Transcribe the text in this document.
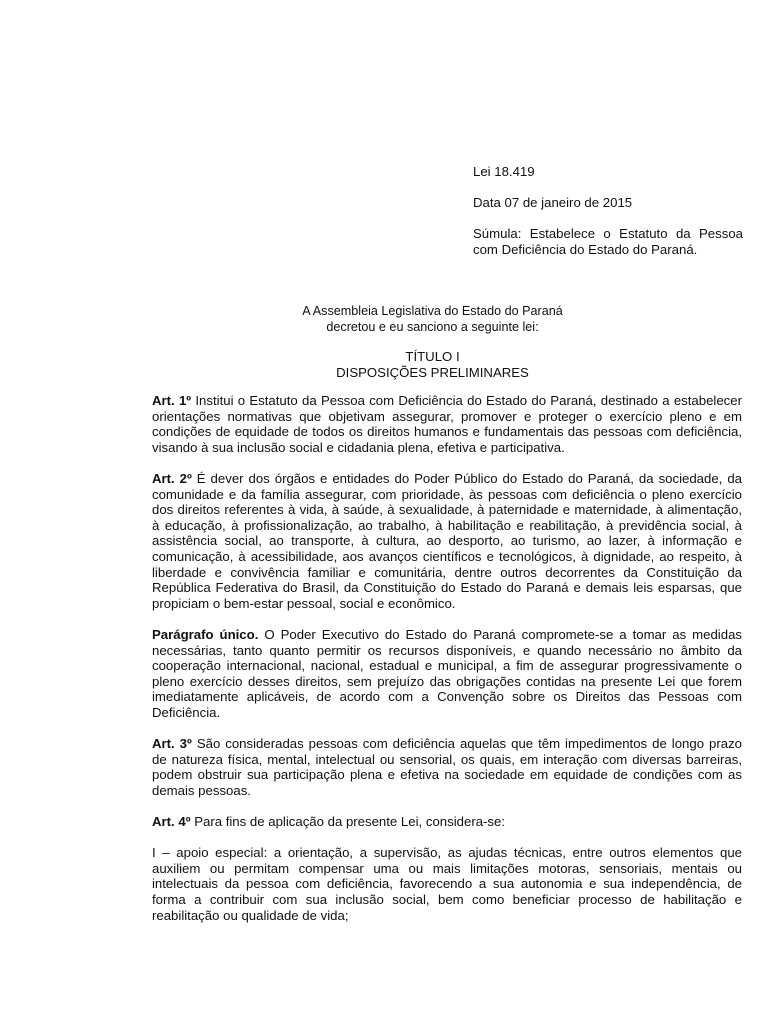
Lei 18.419

Data 07 de janeiro de 2015

Súmula: Estabelece o Estatuto da Pessoa com Deficiência do Estado do Paraná.

A Assembleia Legislativa do Estado do Paraná
decretou e eu sanciono a seguinte lei:
TÍTULO I
DISPOSIÇÕES PRELIMINARES

Art. 1º Institui o Estatuto da Pessoa com Deficiência do Estado do Paraná, destinado a estabelecer orientações normativas que objetivam assegurar, promover e proteger o exercício pleno e em condições de equidade de todos os direitos humanos e fundamentais das pessoas com deficiência, visando à sua inclusão social e cidadania plena, efetiva e participativa.

Art. 2º É dever dos órgãos e entidades do Poder Público do Estado do Paraná, da sociedade, da comunidade e da família assegurar, com prioridade, às pessoas com deficiência o pleno exercício dos direitos referentes à vida, à saúde, à sexualidade, à paternidade e maternidade, à alimentação, à educação, à profissionalização, ao trabalho, à habilitação e reabilitação, à previdência social, à assistência social, ao transporte, à cultura, ao desporto, ao turismo, ao lazer, à informação e comunicação, à acessibilidade, aos avanços científicos e tecnológicos, à dignidade, ao respeito, à liberdade e convivência familiar e comunitária, dentre outros decorrentes da Constituição da República Federativa do Brasil, da Constituição do Estado do Paraná e demais leis esparsas, que propiciam o bem-estar pessoal, social e econômico.

Parágrafo único. O Poder Executivo do Estado do Paraná compromete-se a tomar as medidas necessárias, tanto quanto permitir os recursos disponíveis, e quando necessário no âmbito da cooperação internacional, nacional, estadual e municipal, a fim de assegurar progressivamente o pleno exercício desses direitos, sem prejuízo das obrigações contidas na presente Lei que forem imediatamente aplicáveis, de acordo com a Convenção sobre os Direitos das Pessoas com Deficiência.

Art. 3º São consideradas pessoas com deficiência aquelas que têm impedimentos de longo prazo de natureza física, mental, intelectual ou sensorial, os quais, em interação com diversas barreiras, podem obstruir sua participação plena e efetiva na sociedade em equidade de condições com as demais pessoas.

Art. 4º Para fins de aplicação da presente Lei, considera-se:

I – apoio especial: a orientação, a supervisão, as ajudas técnicas, entre outros elementos que auxiliem ou permitam compensar uma ou mais limitações motoras, sensoriais, mentais ou intelectuais da pessoa com deficiência, favorecendo a sua autonomia e sua independência, de forma a contribuir com sua inclusão social, bem como beneficiar processo de habilitação e reabilitação ou qualidade de vida;
